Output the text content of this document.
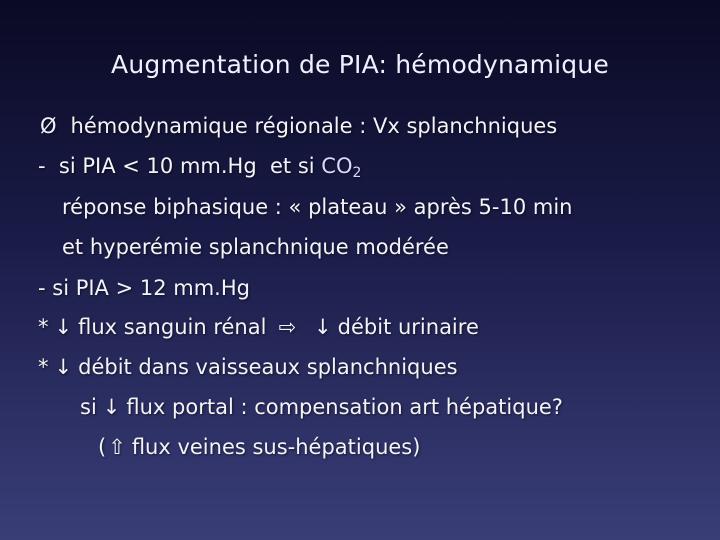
Augmentation de PIA: hémodynamique
Ø hémodynamique régionale : Vx splanchniques
-  si PIA < 10 mm.Hg  et si $CO_2$
réponse biphasique : « plateau » après 5-10 min
et hyperémie splanchnique modérée
- si PIA > 12 mm.Hg
* ↓ flux sanguin rénal ⇨ ↓ débit urinaire
* ↓ débit dans vaisseaux splanchniques
si ↓ flux portal : compensation art hépatique?
(⇧ flux veines sus-hépatiques)
